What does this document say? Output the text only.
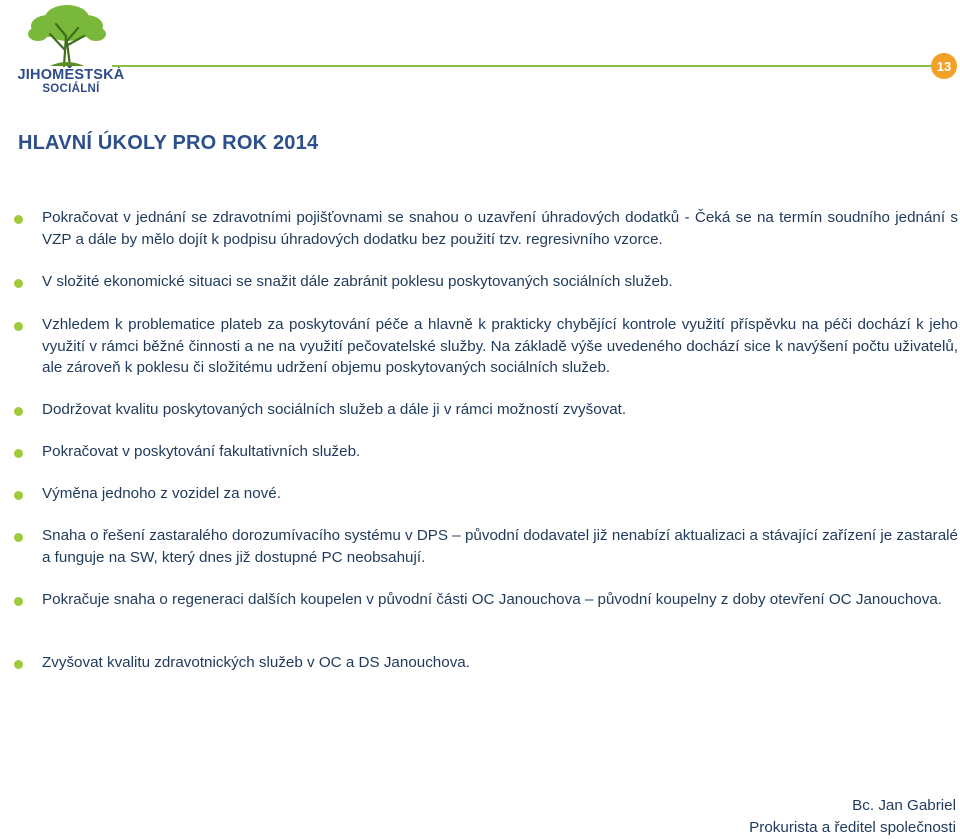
JIHOMĚSTSKÁ
SOCIÁLNÍ
13
HLAVNÍ ÚKOLY PRO ROK 2014

Pokračovat v jednání se zdravotními pojišťovnami se snahou o uzavření úhradových dodatků - Čeká se na termín soudního jednání s VZP a dále by mělo dojít k podpisu úhradových dodatku bez použití tzv. regresivního vzorce.

V složité ekonomické situaci se snažit dále zabránit poklesu poskytovaných sociálních služeb.

Vzhledem k problematice plateb za poskytování péče a hlavně k prakticky chybějící kontrole využití příspěvku na péči dochází k jeho využití v rámci běžné činnosti a ne na využití pečovatelské služby. Na základě výše uvedeného dochází sice k navýšení počtu uživatelů, ale zároveň k poklesu či složitému udržení objemu poskytovaných sociálních služeb.

Dodržovat kvalitu poskytovaných sociálních služeb a dále ji v rámci možností zvyšovat.

Pokračovat v poskytování fakultativních služeb.

Výměna jednoho z vozidel za nové.

Snaha o řešení zastaralého dorozumívacího systému v DPS – původní dodavatel již nenabízí aktualizaci a stávající zařízení je zastaralé a funguje na SW, který dnes již dostupné PC neobsahují.

Pokračuje snaha o regeneraci dalších koupelen v původní části OC Janouchova – původní koupelny z doby otevření OC Janouchova.

Zvyšovat kvalitu zdravotnických služeb v OC a DS Janouchova.

Bc. Jan Gabriel
Prokurista a ředitel společnosti
